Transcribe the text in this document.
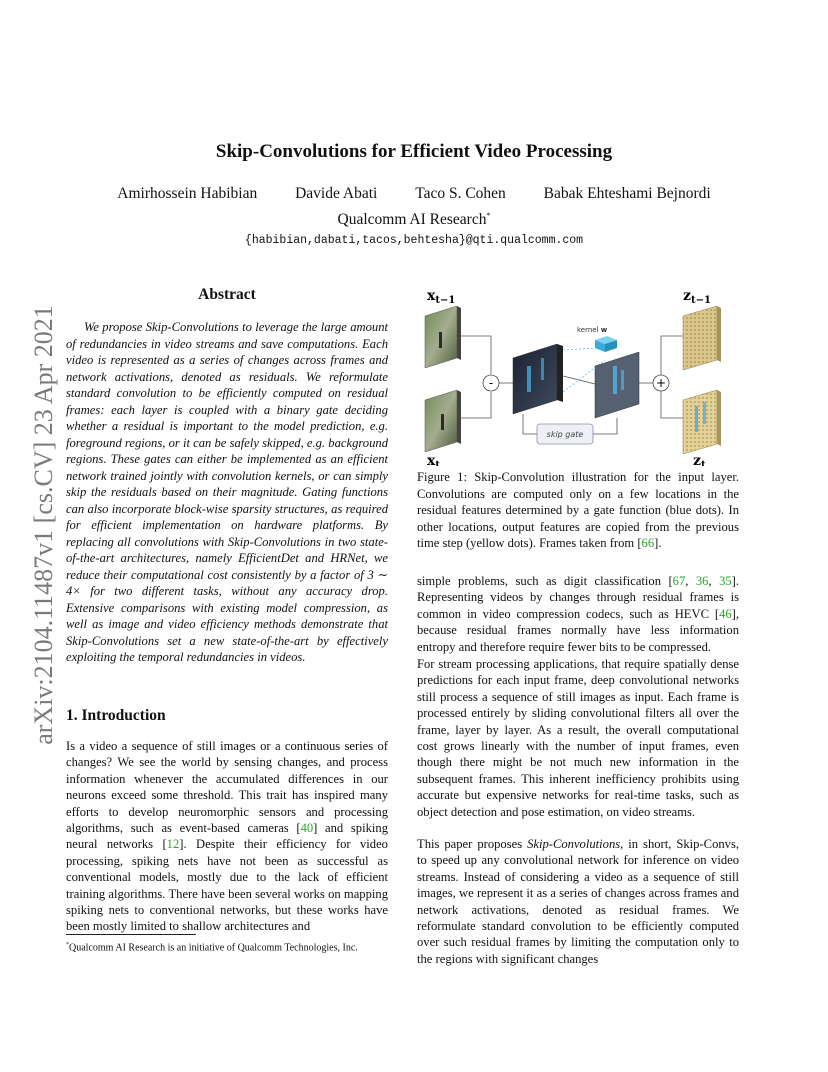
arXiv:2104.11487v1 [cs.CV] 23 Apr 2021
Skip-Convolutions for Efficient Video Processing
Amirhossein Habibian Davide Abati Taco S. Cohen Babak Ehteshami Bejnordi
Qualcomm AI Research*
{habibian,dabati,tacos,behtesha}@qti.qualcomm.com
Abstract
We propose Skip-Convolutions to leverage the large amount of redundancies in video streams and save computations. Each video is represented as a series of changes across frames and network activations, denoted as residuals. We reformulate standard convolution to be efficiently computed on residual frames: each layer is coupled with a binary gate deciding whether a residual is important to the model prediction, e.g. foreground regions, or it can be safely skipped, e.g. background regions. These gates can either be implemented as an efficient network trained jointly with convolution kernels, or can simply skip the residuals based on their magnitude. Gating functions can also incorporate block-wise sparsity structures, as required for efficient implementation on hardware platforms. By replacing all convolutions with Skip-Convolutions in two state-of-the-art architectures, namely EfficientDet and HRNet, we reduce their computational cost consistently by a factor of 3 ∼ 4× for two different tasks, without any accuracy drop. Extensive comparisons with existing model compression, as well as image and video efficiency methods demonstrate that Skip-Convolutions set a new state-of-the-art by effectively exploiting the temporal redundancies in videos.
1. Introduction
Is a video a sequence of still images or a continuous series of changes? We see the world by sensing changes, and process information whenever the accumulated differences in our neurons exceed some threshold. This trait has inspired many efforts to develop neuromorphic sensors and processing algorithms, such as event-based cameras [40] and spiking neural networks [12]. Despite their efficiency for video processing, spiking nets have not been as successful as conventional models, mostly due to the lack of efficient training algorithms. There have been several works on mapping spiking nets to conventional networks, but these works have been mostly limited to shallow architectures and
*Qualcomm AI Research is an initiative of Qualcomm Technologies, Inc.
$x_{t-1}$
$x_t$
-
kernel w
skip gate
+
$z_{t-1}$
$z_t$
Figure 1: Skip-Convolution illustration for the input layer. Convolutions are computed only on a few locations in the residual features determined by a gate function (blue dots). In other locations, output features are copied from the previous time step (yellow dots). Frames taken from [66].
simple problems, such as digit classification [67, 36, 35]. Representing videos by changes through residual frames is common in video compression codecs, such as HEVC [46], because residual frames normally have less information entropy and therefore require fewer bits to be compressed.
For stream processing applications, that require spatially dense predictions for each input frame, deep convolutional networks still process a sequence of still images as input. Each frame is processed entirely by sliding convolutional filters all over the frame, layer by layer. As a result, the overall computational cost grows linearly with the number of input frames, even though there might be not much new information in the subsequent frames. This inherent inefficiency prohibits using accurate but expensive networks for real-time tasks, such as object detection and pose estimation, on video streams.
This paper proposes Skip-Convolutions, in short, Skip-Convs, to speed up any convolutional network for inference on video streams. Instead of considering a video as a sequence of still images, we represent it as a series of changes across frames and network activations, denoted as residual frames. We reformulate standard convolution to be efficiently computed over such residual frames by limiting the computation only to the regions with significant changes
